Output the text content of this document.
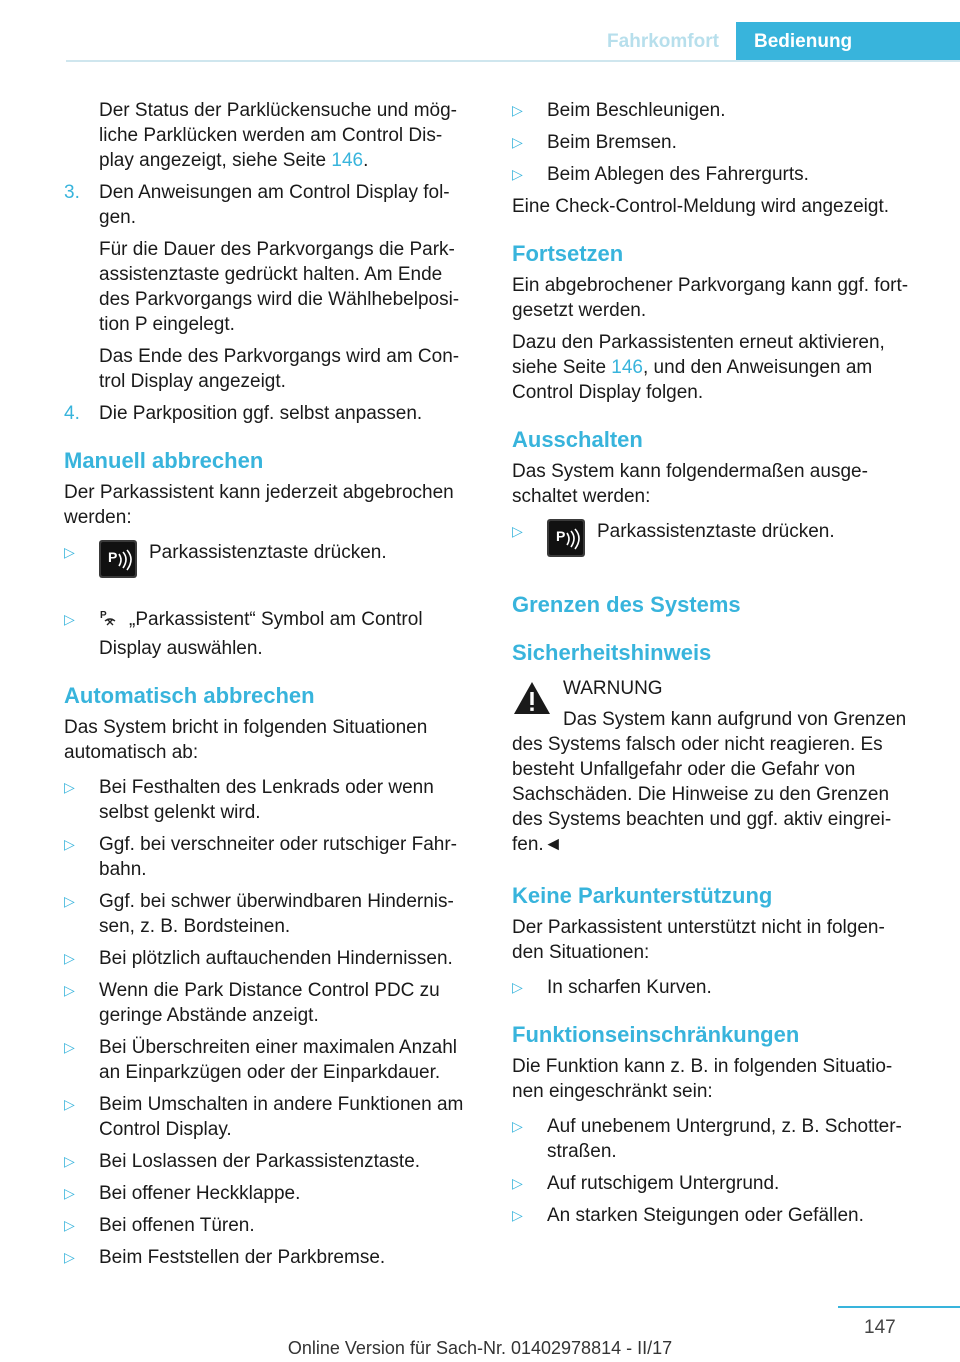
Fahrkomfort	Bedienung

Der Status der Parklückensuche und mög-
liche Parklücken werden am Control Dis-
play angezeigt, siehe Seite 146.

3.	Den Anweisungen am Control Display fol-
gen.

Für die Dauer des Parkvorgangs die Park-
assistenztaste gedrückt halten. Am Ende
des Parkvorgangs wird die Wählhebelposi-
tion P eingelegt.

Das Ende des Parkvorgangs wird am Con-
trol Display angezeigt.

4.	Die Parkposition ggf. selbst anpassen.
Manuell abbrechen

Der Parkassistent kann jederzeit abgebrochen
werden:

▷	P Parkassistenztaste drücken.
▷	P „Parkassistent“ Symbol am Control
Display auswählen.
Automatisch abbrechen

Das System bricht in folgenden Situationen
automatisch ab:

▷	Bei Festhalten des Lenkrads oder wenn
selbst gelenkt wird.
▷	Ggf. bei verschneiter oder rutschiger Fahr-
bahn.
▷	Ggf. bei schwer überwindbaren Hindernis-
sen, z. B. Bordsteinen.
▷	Bei plötzlich auftauchenden Hindernissen.
▷	Wenn die Park Distance Control PDC zu
geringe Abstände anzeigt.
▷	Bei Überschreiten einer maximalen Anzahl
an Einparkzügen oder der Einparkdauer.
▷	Beim Umschalten in andere Funktionen am
Control Display.
▷	Bei Loslassen der Parkassistenztaste.
▷	Bei offener Heckklappe.
▷	Bei offenen Türen.
▷	Beim Feststellen der Parkbremse.
▷	Beim Beschleunigen.
▷	Beim Bremsen.
▷	Beim Ablegen des Fahrergurts.

Eine Check-Control-Meldung wird angezeigt.

Fortsetzen

Ein abgebrochener Parkvorgang kann ggf. fort-
gesetzt werden.

Dazu den Parkassistenten erneut aktivieren,
siehe Seite 146, und den Anweisungen am
Control Display folgen.

Ausschalten

Das System kann folgendermaßen ausge-
schaltet werden:

▷	P Parkassistenztaste drücken.
Grenzen des Systems
Sicherheitshinweis

WARNUNG

Das System kann aufgrund von Grenzen

des Systems falsch oder nicht reagieren. Es
besteht Unfallgefahr oder die Gefahr von
Sachschäden. Die Hinweise zu den Grenzen
des Systems beachten und ggf. aktiv eingrei-
fen.◄

Keine Parkunterstützung

Der Parkassistent unterstützt nicht in folgen-
den Situationen:

▷	In scharfen Kurven.
Funktionseinschränkungen

Die Funktion kann z. B. in folgenden Situatio-
nen eingeschränkt sein:

▷	Auf unebenem Untergrund, z. B. Schotter-
straßen.
▷	Auf rutschigem Untergrund.
▷	An starken Steigungen oder Gefällen.
147
Online Version für Sach-Nr. 01402978814 - II/17
